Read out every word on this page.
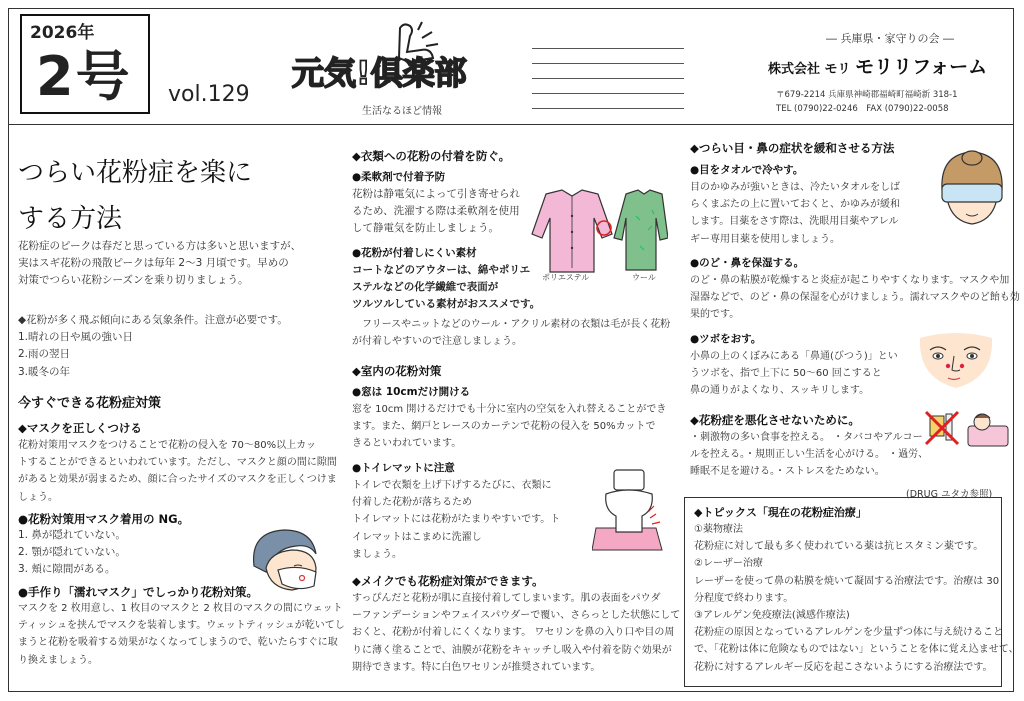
2026年
2号 vol.129
元気!倶楽部
生活なるほど情報
― 兵庫県・家守りの会 ―
株式会社 モリ モリリフォーム
〒679-2214 兵庫県神崎郡福崎町福崎新 318-1
TEL (0790)22-0246　FAX (0790)22-0058
つらい花粉症を楽に
する方法

花粉症のピークは春だと思っている方は多いと思いますが、
実はスギ花粉の飛散ピークは毎年 2～3 月頃です。早めの
対策でつらい花粉シーズンを乗り切りましょう。

◆花粉が多く飛ぶ傾向にある気象条件。注意が必要です。
1.晴れの日や風の強い日
2.雨の翌日
3.暖冬の年

今すぐできる花粉症対策
◆マスクを正しくつける

花粉対策用マスクをつけることで花粉の侵入を 70～80%以上カッ
トすることができるといわれています。ただし、マスクと顔の間に隙間
があると効果が弱まるため、顔に合ったサイズのマスクを正しくつけま
しょう。

●花粉対策用マスク着用の NG。

1. 鼻が隠れていない。
2. 顎が隠れていない。
3. 頬に隙間がある。

●手作り「濡れマスク」でしっかり花粉対策。

マスクを 2 枚用意し、1 枚目のマスクと 2 枚目のマスクの間にウェット
ティッシュを挟んでマスクを装着します。ウェットティッシュが乾いてし
まうと花粉を吸着する効果がなくなってしまうので、乾いたらすぐに取
り換えましょう。

◆衣類への花粉の付着を防ぐ。
●柔軟剤で付着予防

花粉は静電気によって引き寄せられ
るため、洗濯する際は柔軟剤を使用
して静電気を防止しましょう。

●花粉が付着しにくい素材

コートなどのアウターは、綿やポリエ
ステルなどの化学繊維で表面が
ツルツルしている素材がおススメです。

　フリースやニットなどのウール・アクリル素材の衣類は毛が長く花粉
が付着しやすいので注意しましょう。

ポリエステル	ウール
◆室内の花粉対策
●窓は 10cmだけ開ける

窓を 10cm 開けるだけでも十分に室内の空気を入れ替えることができ
ます。また、網戸とレースのカーテンで花粉の侵入を 50%カットで
きるといわれています。

●トイレマットに注意

トイレで衣類を上げ下げするたびに、衣類に
付着した花粉が落ちるため
トイレマットには花粉がたまりやすいです。ト
イレマットはこまめに洗濯し
ましょう。

◆メイクでも花粉症対策ができます。

すっぴんだと花粉が肌に直接付着してしまいます。肌の表面をパウダ
ーファンデーションやフェイスパウダーで覆い、さらっとした状態にして
おくと、花粉が付着しにくくなります。 ワセリンを鼻の入り口や目の周
りに薄く塗ることで、油膜が花粉をキャッチし吸入や付着を防ぐ効果が
期待できます。特に白色ワセリンが推奨されています。

◆つらい目・鼻の症状を緩和させる方法
●目をタオルで冷やす。

目のかゆみが強いときは、冷たいタオルをしば
らくまぶたの上に置いておくと、かゆみが緩和
します。目薬をさす際は、洗眼用目薬やアレル
ギー専用目薬を使用しましょう。

●のど・鼻を保湿する。

のど・鼻の粘膜が乾燥すると炎症が起こりやすくなります。マスクや加
湿器などで、のど・鼻の保湿を心がけましょう。濡れマスクやのど飴も効
果的です。

●ツボをおす。

小鼻の上のくぼみにある「鼻通(びつう)」とい
うツボを、指で上下に 50～60 回こすると
鼻の通りがよくなり、スッキリします。

◆花粉症を悪化させないために。

・刺激物の多い食事を控える。 ・タバコやアルコー
ルを控える。・規則正しい生活を心がける。 ・過労、
睡眠不足を避ける。・ストレスをためない。

(DRUG ユタカ参照)
◆トピックス「現在の花粉症治療」

①薬物療法
花粉症に対して最も多く使われている薬は抗ヒスタミン薬です。
②レーザー治療
レーザーを使って鼻の粘膜を焼いて凝固する治療法です。治療は 30
分程度で終わります。
③アレルゲン免疫療法(減感作療法)
花粉症の原因となっているアレルゲンを少量ずつ体に与え続けること
で、「花粉は体に危険なものではない」ということを体に覚え込ませて、
花粉に対するアレルギー反応を起こさないようにする治療法です。
